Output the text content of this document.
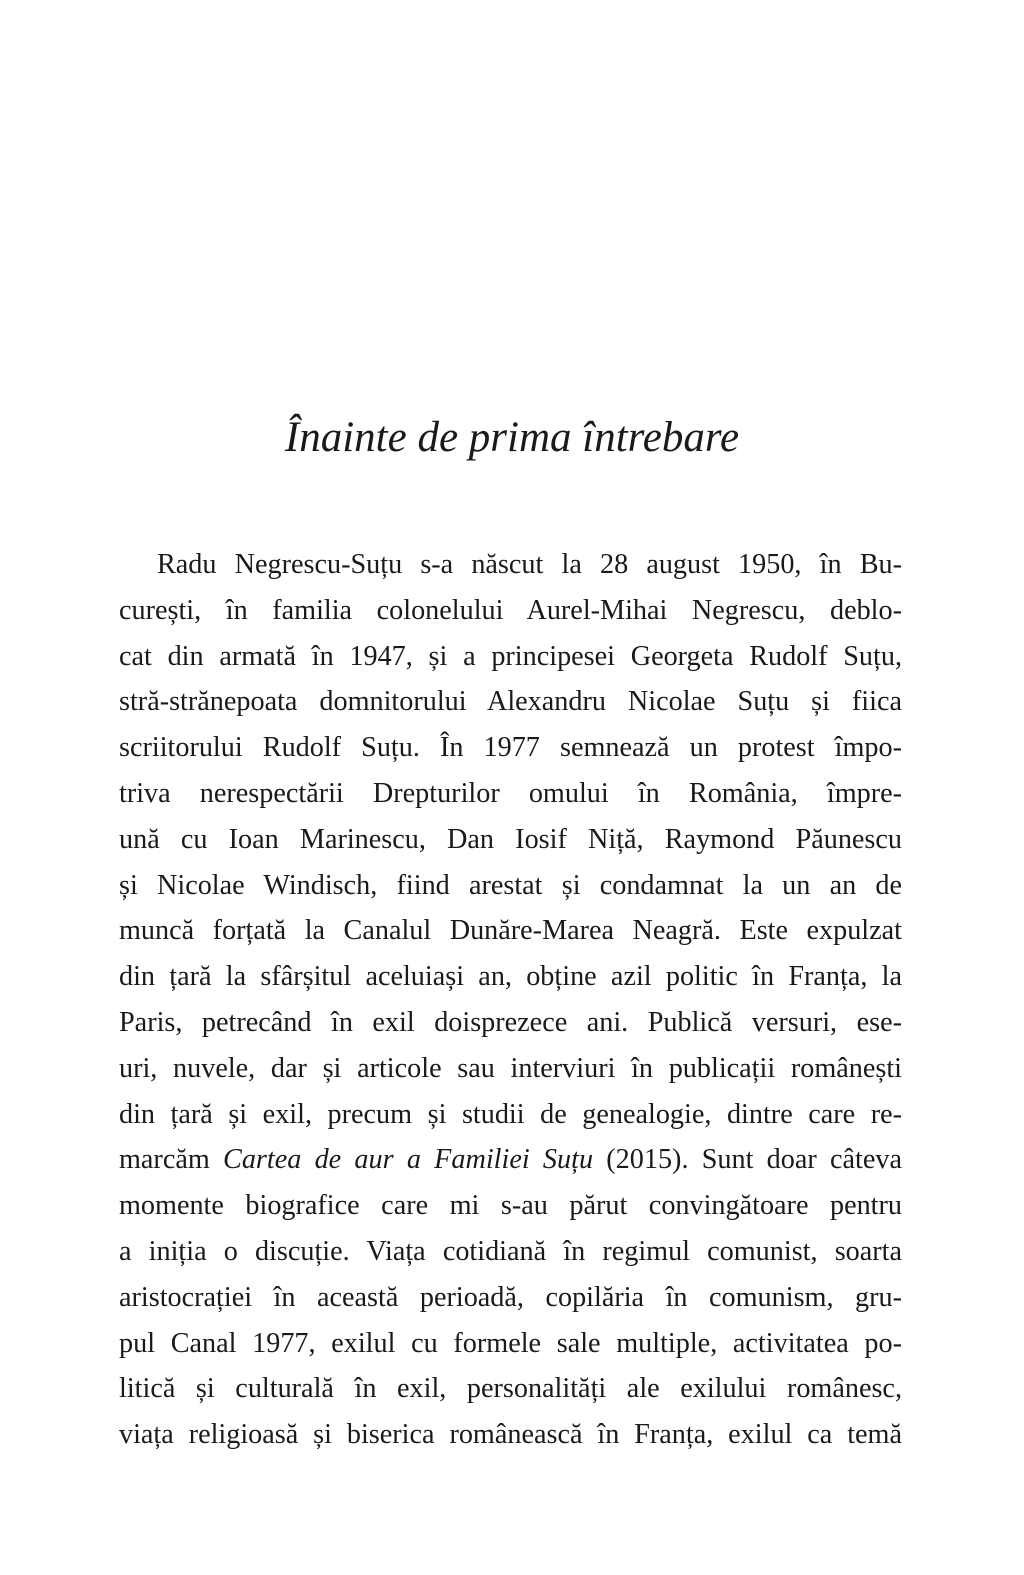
Înainte de prima întrebare
Radu Negrescu-Suțu s-a născut la 28 august 1950, în Bu-
curești, în familia colonelului Aurel-Mihai Negrescu, deblo-
cat din armată în 1947, și a principesei Georgeta Rudolf Suțu,
stră-strănepoata domnitorului Alexandru Nicolae Suțu și fiica
scriitorului Rudolf Suțu. În 1977 semnează un protest împo-
triva nerespectării Drepturilor omului în România, împre-
ună cu Ioan Marinescu, Dan Iosif Niță, Raymond Păunescu
și Nicolae Windisch, fiind arestat și condamnat la un an de
muncă forțată la Canalul Dunăre-Marea Neagră. Este expulzat
din țară la sfârșitul aceluiași an, obține azil politic în Franța, la
Paris, petrecând în exil doisprezece ani. Publică versuri, ese-
uri, nuvele, dar și articole sau interviuri în publicații românești
din țară și exil, precum și studii de genealogie, dintre care re-
marcăm Cartea de aur a Familiei Suțu (2015). Sunt doar câteva
momente biografice care mi s-au părut convingătoare pentru
a iniția o discuție. Viața cotidiană în regimul comunist, soarta
aristocrației în această perioadă, copilăria în comunism, gru-
pul Canal 1977, exilul cu formele sale multiple, activitatea po-
litică și culturală în exil, personalități ale exilului românesc,
viața religioasă și biserica românească în Franța, exilul ca temă
